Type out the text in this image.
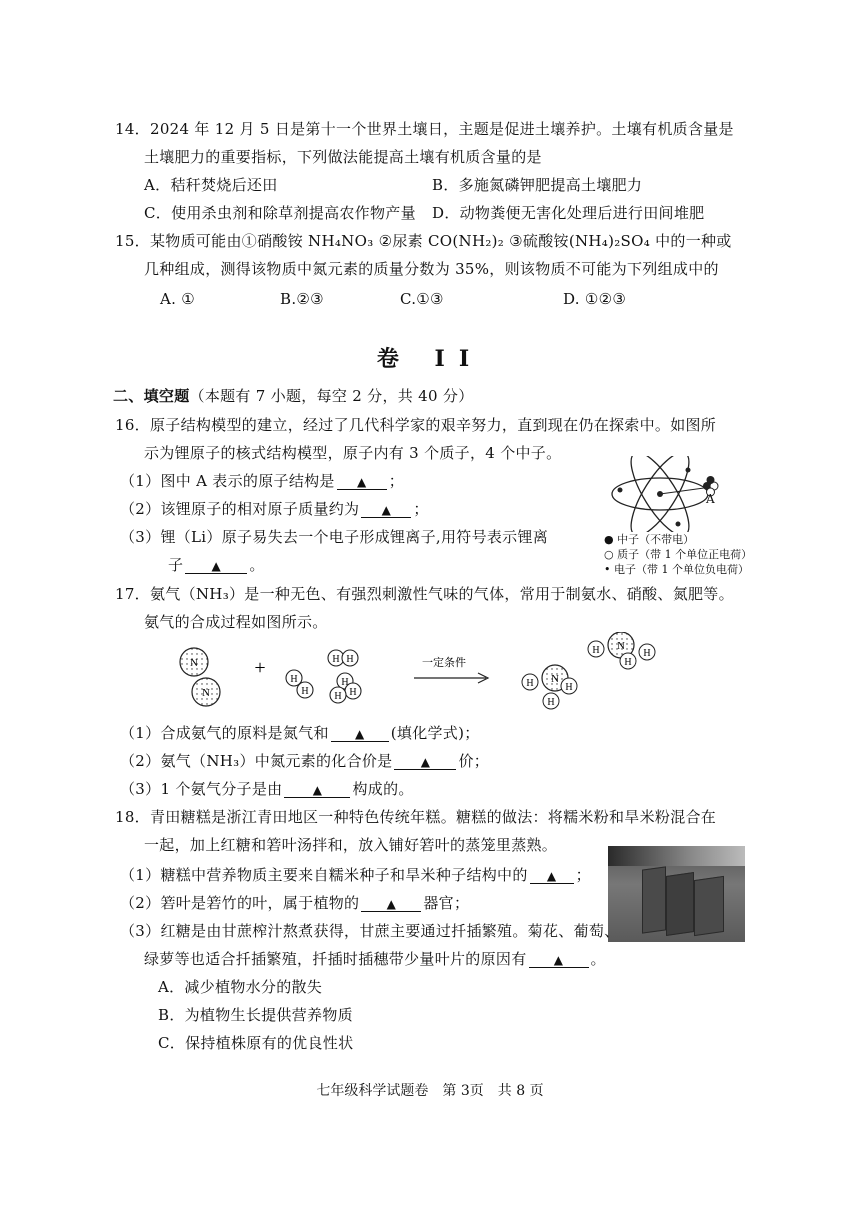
14．2024 年 12 月 5 日是第十一个世界土壤日，主题是促进土壤养护。土壤有机质含量是
土壤肥力的重要指标，下列做法能提高土壤有机质含量的是
A．秸秆焚烧后还田	B．多施氮磷钾肥提高土壤肥力
C．使用杀虫剂和除草剂提高农作物产量 D．动物粪便无害化处理后进行田间堆肥
15．某物质可能由①硝酸铵 NH₄NO₃ ②尿素 CO(NH₂)₂ ③硫酸铵(NH₄)₂SO₄ 中的一种或
几种组成，测得该物质中氮元素的质量分数为 35%，则该物质不可能为下列组成中的
A. ①	B.②③	C.①③	D. ①②③
卷 II
二、填空题（本题有 7 小题，每空 2 分，共 40 分）
16．原子结构模型的建立，经过了几代科学家的艰辛努力，直到现在仍在探索中。如图所
示为锂原子的核式结构模型，原子内有 3 个质子，4 个中子。
（1）图中 A 表示的原子结构是 ▲ ；
（2）该锂原子的相对原子质量约为 ▲ ；
（3）锂（Li）原子易失去一个电子形成锂离子,用符号表示锂离
子 ▲ 。
A
● 中子（不带电）
○ 质子（带 1 个单位正电荷）
• 电子（带 1 个单位负电荷）
17．氨气（NH₃）是一种无色、有强烈刺激性气味的气体，常用于制氨水、硝酸、氮肥等。
氨气的合成过程如图所示。
N
N
+
H
H
H H
H
H
H
一定条件
N
H	H
H
N
H
H
H
（1）合成氨气的原料是氮气和 ▲ (填化学式)；
（2）氨气（NH₃）中氮元素的化合价是 ▲ 价；
（3）1 个氨气分子是由	▲ 构成的。
18．青田糖糕是浙江青田地区一种特色传统年糕。糖糕的做法：将糯米粉和旱米粉混合在
一起，加上红糖和箬叶汤拌和，放入铺好箬叶的蒸笼里蒸熟。
（1）糖糕中营养物质主要来自糯米种子和旱米种子结构中的 ▲ ；
（2）箬叶是箬竹的叶，属于植物的 ▲ 器官；
（3）红糖是由甘蔗榨汁熬煮获得，甘蔗主要通过扦插繁殖。菊花、葡萄、
绿萝等也适合扦插繁殖，扦插时插穗带少量叶片的原因有 ▲ 。
A．减少植物水分的散失
B．为植物生长提供营养物质
C．保持植株原有的优良性状
七年级科学试题卷　第 3页　共 8 页
